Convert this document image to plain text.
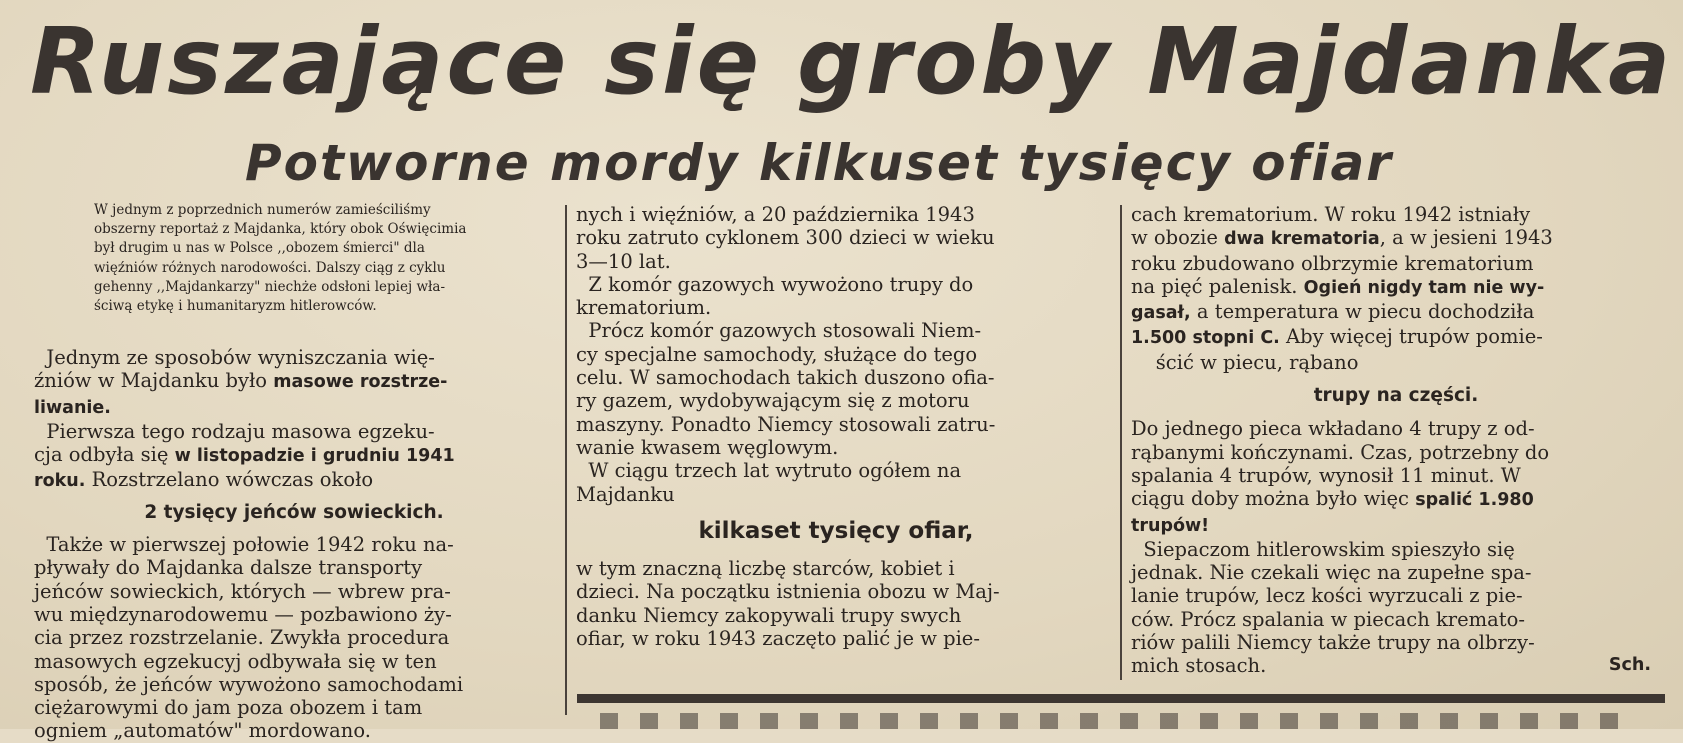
Ruszające się groby Majdanka
Potworne mordy kilkuset tysięcy ofiar

W jednym z poprzednich numerów zamieściliśmy

obszerny reportaż z Majdanka, który obok Oświęcimia

był drugim u nas w Polsce ,,obozem śmierci" dla

więźniów różnych narodowości. Dalszy ciąg z cyklu

gehenny ,,Majdankarzy" niechże odsłoni lepiej wła-

ściwą etykę i humanitaryzm hitlerowców.

Jednym ze sposobów wyniszczania wię-

źniów w Majdanku było masowe rozstrze-

liwanie.

Pierwsza tego rodzaju masowa egzeku-

cja odbyła się w listopadzie i grudniu 1941

roku. Rozstrzelano wówczas około

2 tysięcy jeńców sowieckich.

Także w pierwszej połowie 1942 roku na-

pływały do Majdanka dalsze transporty

jeńców sowieckich, których — wbrew pra-

wu międzynarodowemu — pozbawiono ży-

cia przez rozstrzelanie. Zwykła procedura

masowych egzekucyj odbywała się w ten

sposób, że jeńców wywożono samochodami

ciężarowymi do jam poza obozem i tam

ogniem „automatów" mordowano.

nych i więźniów, a 20 października 1943

roku zatruto cyklonem 300 dzieci w wieku

3—10 lat.

Z komór gazowych wywożono trupy do

krematorium.

Prócz komór gazowych stosowali Niem-

cy specjalne samochody, służące do tego

celu. W samochodach takich duszono ofia-

ry gazem, wydobywającym się z motoru

maszyny. Ponadto Niemcy stosowali zatru-

wanie kwasem węglowym.

W ciągu trzech lat wytruto ogółem na

Majdanku

kilkaset tysięcy ofiar,

w tym znaczną liczbę starców, kobiet i

dzieci. Na początku istnienia obozu w Maj-

danku Niemcy zakopywali trupy swych

ofiar, w roku 1943 zaczęto palić je w pie-

cach krematorium. W roku 1942 istniały

w obozie dwa krematoria, a w jesieni 1943

roku zbudowano olbrzymie krematorium

na pięć palenisk. Ogień nigdy tam nie wy-

gasał, a temperatura w piecu dochodziła

1.500 stopni C. Aby więcej trupów pomie-

ścić w piecu, rąbano

trupy na części.

Do jednego pieca wkładano 4 trupy z od-

rąbanymi kończynami. Czas, potrzebny do

spalania 4 trupów, wynosił 11 minut. W

ciągu doby można było więc spalić 1.980

trupów!

Siepaczom hitlerowskim spieszyło się

jednak. Nie czekali więc na zupełne spa-

lanie trupów, lecz kości wyrzucali z pie-

ców. Prócz spalania w piecach kremato-

riów palili Niemcy także trupy na olbrzy-

mich stosach.	Sch.
